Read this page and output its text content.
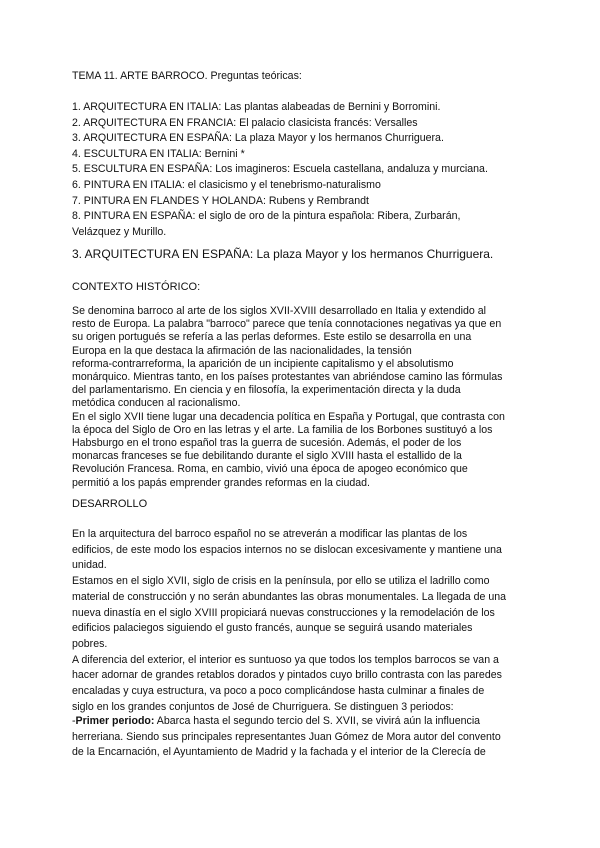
TEMA 11. ARTE BARROCO. Preguntas teóricas:
1. ARQUITECTURA EN ITALIA: Las plantas alabeadas de Bernini y Borromini.
2. ARQUITECTURA EN FRANCIA: El palacio clasicista francés: Versalles
3. ARQUITECTURA EN ESPAÑA: La plaza Mayor y los hermanos Churriguera.
4. ESCULTURA EN ITALIA: Bernini *
5. ESCULTURA EN ESPAÑA: Los imagineros: Escuela castellana, andaluza y murciana.
6. PINTURA EN ITALIA: el clasicismo y el tenebrismo-naturalismo
7. PINTURA EN FLANDES Y HOLANDA: Rubens y Rembrandt
8. PINTURA EN ESPAÑA: el siglo de oro de la pintura española: Ribera, Zurbarán,
Velázquez y Murillo.
3. ARQUITECTURA EN ESPAÑA: La plaza Mayor y los hermanos Churriguera.
CONTEXTO HISTÓRICO:
Se denomina barroco al arte de los siglos XVII-XVIII desarrollado en Italia y extendido al
resto de Europa. La palabra "barroco" parece que tenía connotaciones negativas ya que en
su origen portugués se refería a las perlas deformes. Este estilo se desarrolla en una
Europa en la que destaca la afirmación de las nacionalidades, la tensión
reforma-contrarreforma, la aparición de un incipiente capitalismo y el absolutismo
monárquico. Mientras tanto, en los países protestantes van abriéndose camino las fórmulas
del parlamentarismo. En ciencia y en filosofía, la experimentación directa y la duda
metódica conducen al racionalismo.
En el siglo XVII tiene lugar una decadencia política en España y Portugal, que contrasta con
la época del Siglo de Oro en las letras y el arte. La familia de los Borbones sustituyó a los
Habsburgo en el trono español tras la guerra de sucesión. Además, el poder de los
monarcas franceses se fue debilitando durante el siglo XVIII hasta el estallido de la
Revolución Francesa. Roma, en cambio, vivió una época de apogeo económico que
permitió a los papás emprender grandes reformas en la ciudad.
DESARROLLO
En la arquitectura del barroco español no se atreverán a modificar las plantas de los
edificios, de este modo los espacios internos no se dislocan excesivamente y mantiene una
unidad.
Estamos en el siglo XVII, siglo de crisis en la península, por ello se utiliza el ladrillo como
material de construcción y no serán abundantes las obras monumentales. La llegada de una
nueva dinastía en el siglo XVIII propiciará nuevas construcciones y la remodelación de los
edificios palaciegos siguiendo el gusto francés, aunque se seguirá usando materiales
pobres.
A diferencia del exterior, el interior es suntuoso ya que todos los templos barrocos se van a
hacer adornar de grandes retablos dorados y pintados cuyo brillo contrasta con las paredes
encaladas y cuya estructura, va poco a poco complicándose hasta culminar a finales de
siglo en los grandes conjuntos de José de Churriguera. Se distinguen 3 periodos:
-Primer periodo: Abarca hasta el segundo tercio del S. XVII, se vivirá aún la influencia
herreriana. Siendo sus principales representantes Juan Gómez de Mora autor del convento
de la Encarnación, el Ayuntamiento de Madrid y la fachada y el interior de la Clerecía de
